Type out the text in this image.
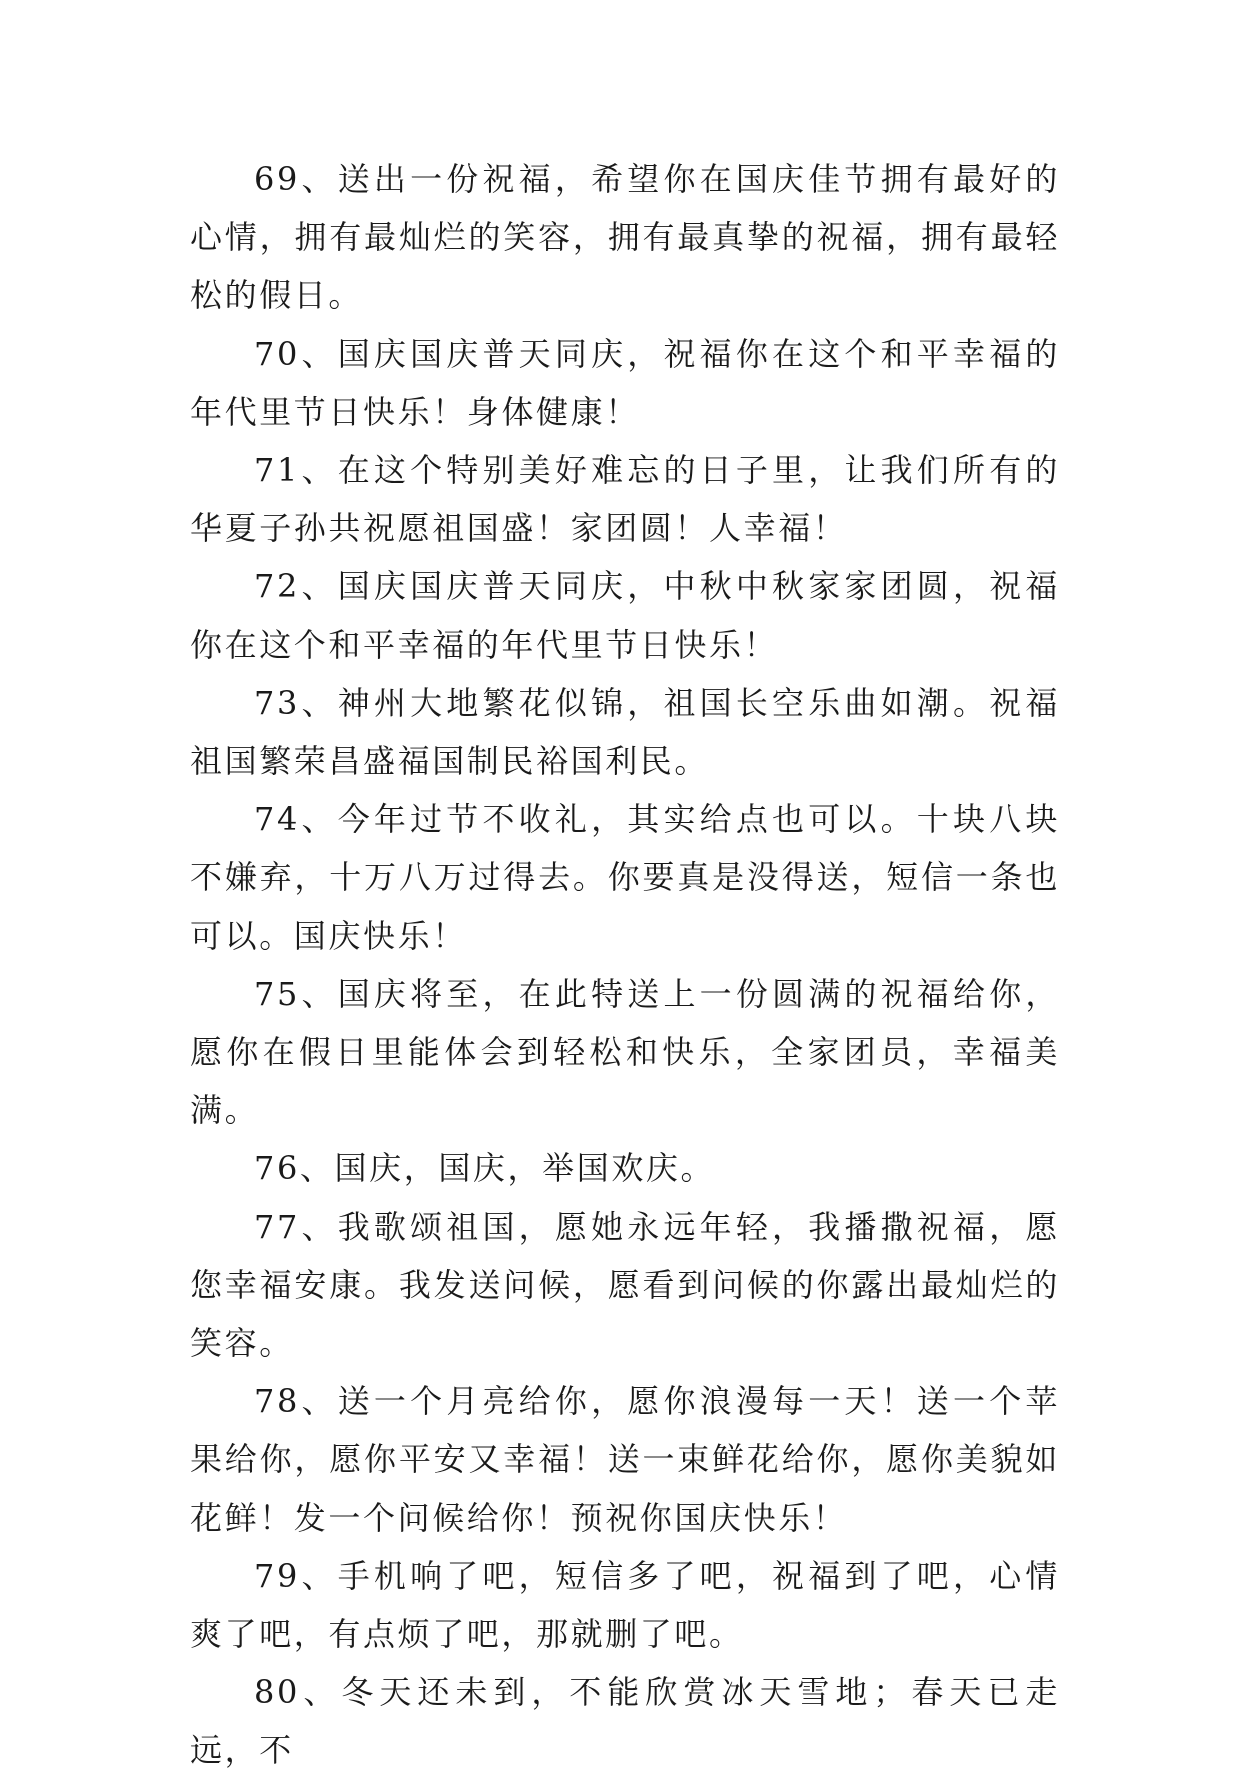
69、送出一份祝福，希望你在国庆佳节拥有最好的心情，拥有最灿烂的笑容，拥有最真挚的祝福，拥有最轻松的假日。

70、国庆国庆普天同庆，祝福你在这个和平幸福的年代里节日快乐！身体健康！

71、在这个特别美好难忘的日子里，让我们所有的华夏子孙共祝愿祖国盛！家团圆！人幸福！

72、国庆国庆普天同庆，中秋中秋家家团圆，祝福你在这个和平幸福的年代里节日快乐！

73、神州大地繁花似锦，祖国长空乐曲如潮。祝福祖国繁荣昌盛福国制民裕国利民。

74、今年过节不收礼，其实给点也可以。十块八块不嫌弃，十万八万过得去。你要真是没得送，短信一条也可以。国庆快乐！

75、国庆将至，在此特送上一份圆满的祝福给你，愿你在假日里能体会到轻松和快乐，全家团员，幸福美满。

76、国庆，国庆，举国欢庆。

77、我歌颂祖国，愿她永远年轻，我播撒祝福，愿您幸福安康。我发送问候，愿看到问候的你露出最灿烂的笑容。

78、送一个月亮给你，愿你浪漫每一天！送一个苹果给你，愿你平安又幸福！送一束鲜花给你，愿你美貌如花鲜！发一个问候给你！预祝你国庆快乐！

79、手机响了吧，短信多了吧，祝福到了吧，心情爽了吧，有点烦了吧，那就删了吧。

80、冬天还未到，不能欣赏冰天雪地；春天已走远，不
